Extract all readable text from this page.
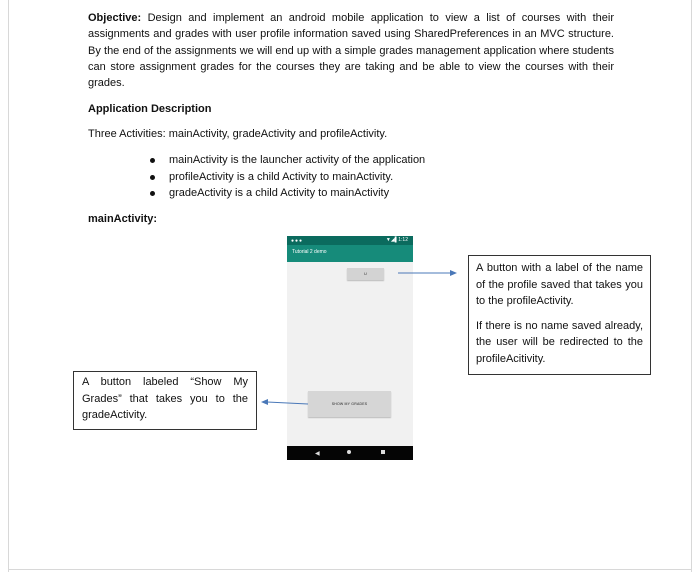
Objective: Design and implement an android mobile application to view a list of courses with their assignments and grades with user profile information saved using SharedPreferences in an MVC structure. By the end of the assignments we will end up with a simple grades management application where students can store assignment grades for the courses they are taking and be able to view the courses with their grades.
Application Description
Three Activities: mainActivity, gradeActivity and profileActivity.
mainActivity is the launcher activity of the application
profileActivity is a child Activity to mainActivity.
gradeActivity is a child Activity to mainActivity
mainActivity:
●●●	▼◢▌1:12
Tutorial 2 demo
U
SHOW MY GRADES
◀

A button with a label of the name of the profile saved that takes you to the profileActivity.

If there is no name saved already, the user will be redirected to the profileAcitivity.

A button labeled “Show My Grades” that takes you to the gradeActivity.
